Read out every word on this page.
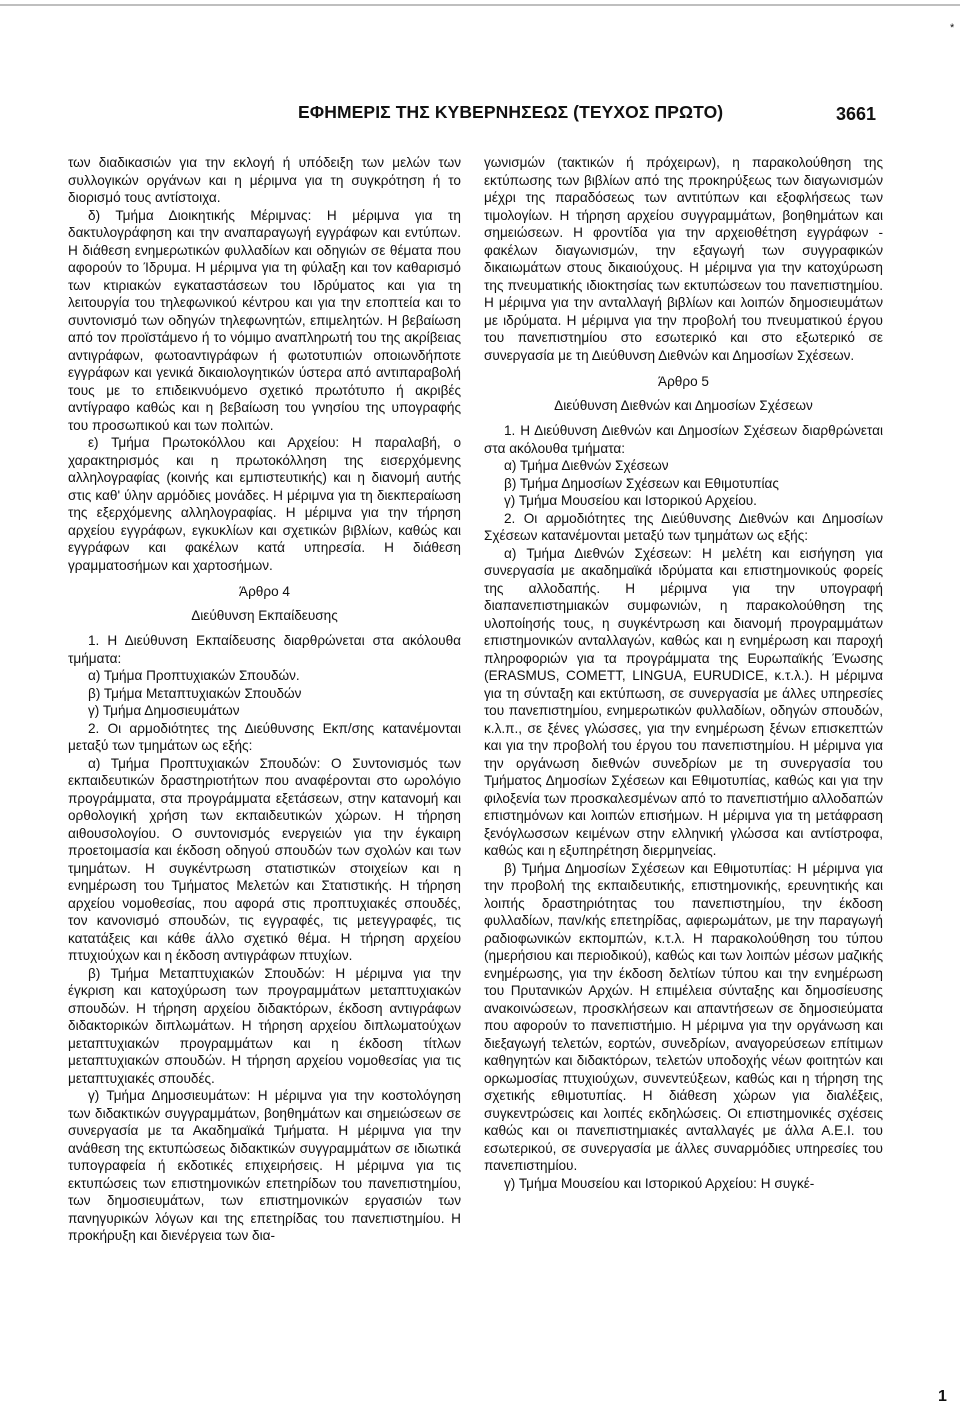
*
ΕΦΗΜΕΡΙΣ ΤΗΣ ΚΥΒΕΡΝΗΣΕΩΣ (ΤΕΥΧΟΣ ΠΡΩΤΟ)	3661

των διαδικασιών για την εκλογή ή υπόδειξη των μελών των συλλογικών οργάνων και η μέριμνα για τη συγκρότηση ή το διορισμό τους αντίστοιχα.

δ) Τμήμα Διοικητικής Μέριμνας: Η μέριμνα για τη δακτυλογράφηση και την αναπαραγωγή εγγράφων και εντύπων. Η διάθεση ενημερωτικών φυλλαδίων και οδηγιών σε θέματα που αφορούν το Ίδρυμα. Η μέριμνα για τη φύλαξη και τον καθαρισμό των κτιριακών εγκαταστάσεων του Ιδρύματος και για τη λειτουργία του τηλεφωνικού κέντρου και για την εποπτεία και το συντονισμό των οδηγών τηλεφωνητών, επιμελητών. Η βεβαίωση από τον προϊστάμενο ή το νόμιμο αναπληρωτή του της ακρίβειας αντιγράφων, φωτοαντιγράφων ή φωτοτυπιών οποιωνδήποτε εγγράφων και γενικά δικαιολογητικών ύστερα από αντιπαραβολή τους με το επιδεικνυόμενο σχετικό πρωτότυπο ή ακριβές αντίγραφο καθώς και η βεβαίωση του γνησίου της υπογραφής του προσωπικού και των πολιτών.

ε) Τμήμα Πρωτοκόλλου και Αρχείου: Η παραλαβή, ο χαρακτηρισμός και η πρωτοκόλληση της εισερχόμενης αλληλογραφίας (κοινής και εμπιστευτικής) και η διανομή αυτής στις καθ' ύλην αρμόδιες μονάδες. Η μέριμνα για τη διεκπεραίωση της εξερχόμενης αλληλογραφίας. Η μέριμνα για την τήρηση αρχείου εγγράφων, εγκυκλίων και σχετικών βιβλίων, καθώς και εγγράφων και φακέλων κατά υπηρεσία. Η διάθεση γραμματοσήμων και χαρτοσήμων.

Άρθρο 4

Διεύθυνση Εκπαίδευσης

1. Η Διεύθυνση Εκπαίδευσης διαρθρώνεται στα ακόλουθα τμήματα:

α) Τμήμα Προπτυχιακών Σπουδών.

β) Τμήμα Μεταπτυχιακών Σπουδών

γ) Τμήμα Δημοσιευμάτων

2. Οι αρμοδιότητες της Διεύθυνσης Εκπ/σης κατανέμονται μεταξύ των τμημάτων ως εξής:

α) Τμήμα Προπτυχιακών Σπουδών: Ο Συντονισμός των εκπαιδευτικών δραστηριοτήτων που αναφέρονται στο ωρολόγιο προγράμματα, στα προγράμματα εξετάσεων, στην κατανομή και ορθολογική χρήση των εκπαιδευτικών χώρων. Η τήρηση αιθουσολογίου. Ο συντονισμός ενεργειών για την έγκαιρη προετοιμασία και έκδοση οδηγού σπουδών των σχολών και των τμημάτων. Η συγκέντρωση στατιστικών στοιχείων και η ενημέρωση του Τμήματος Μελετών και Στατιστικής. Η τήρηση αρχείου νομοθεσίας, που αφορά στις προπτυχιακές σπουδές, τον κανονισμό σπουδών, τις εγγραφές, τις μετεγγραφές, τις κατατάξεις και κάθε άλλο σχετικό θέμα. Η τήρηση αρχείου πτυχιούχων και η έκδοση αντιγράφων πτυχίων.

β) Τμήμα Μεταπτυχιακών Σπουδών: Η μέριμνα για την έγκριση και κατοχύρωση των προγραμμάτων μεταπτυχιακών σπουδών. Η τήρηση αρχείου διδακτόρων, έκδοση αντιγράφων διδακτορικών διπλωμάτων. Η τήρηση αρχείου διπλωματούχων μεταπτυχιακών προγραμμάτων και η έκδοση τίτλων μεταπτυχιακών σπουδών. Η τήρηση αρχείου νομοθεσίας για τις μεταπτυχιακές σπουδές.

γ) Τμήμα Δημοσιευμάτων: Η μέριμνα για την κοστολόγηση των διδακτικών συγγραμμάτων, βοηθημάτων και σημειώσεων σε συνεργασία με τα Ακαδημαϊκά Τμήματα. Η μέριμνα για την ανάθεση της εκτυπώσεως διδακτικών συγγραμμάτων σε ιδιωτικά τυπογραφεία ή εκδοτικές επιχειρήσεις. Η μέριμνα για τις εκτυπώσεις των επιστημονικών επετηρίδων του πανεπιστημίου, των δημοσιευμάτων, των επιστημονικών εργασιών των πανηγυρικών λόγων και της επετηρίδας του πανεπιστημίου. Η προκήρυξη και διενέργεια των δια-

γωνισμών (τακτικών ή πρόχειρων), η παρακολούθηση της εκτύπωσης των βιβλίων από της προκηρύξεως των διαγωνισμών μέχρι της παραδόσεως των αντιτύπων και εξοφλήσεως των τιμολογίων. Η τήρηση αρχείου συγγραμμάτων, βοηθημάτων και σημειώσεων. Η φροντίδα για την αρχειοθέτηση εγγράφων - φακέλων διαγωνισμών, την εξαγωγή των συγγραφικών δικαιωμάτων στους δικαιούχους. Η μέριμνα για την κατοχύρωση της πνευματικής ιδιοκτησίας των εκτυπώσεων του πανεπιστημίου. Η μέριμνα για την ανταλλαγή βιβλίων και λοιπών δημοσιευμάτων με ιδρύματα. Η μέριμνα για την προβολή του πνευματικού έργου του πανεπιστημίου στο εσωτερικό και στο εξωτερικό σε συνεργασία με τη Διεύθυνση Διεθνών και Δημοσίων Σχέσεων.

Άρθρο 5

Διεύθυνση Διεθνών και Δημοσίων Σχέσεων

1. Η Διεύθυνση Διεθνών και Δημοσίων Σχέσεων διαρθρώνεται στα ακόλουθα τμήματα:

α) Τμήμα Διεθνών Σχέσεων

β) Τμήμα Δημοσίων Σχέσεων και Εθιμοτυπίας

γ) Τμήμα Μουσείου και Ιστορικού Αρχείου.

2. Οι αρμοδιότητες της Διεύθυνσης Διεθνών και Δημοσίων Σχέσεων κατανέμονται μεταξύ των τμημάτων ως εξής:

α) Τμήμα Διεθνών Σχέσεων: Η μελέτη και εισήγηση για συνεργασία με ακαδημαϊκά ιδρύματα και επιστημονικούς φορείς της αλλοδαπής. Η μέριμνα για την υπογραφή διαπανεπιστημιακών συμφωνιών, η παρακολούθηση της υλοποίησής τους, η συγκέντρωση και διανομή προγραμμάτων επιστημονικών ανταλλαγών, καθώς και η ενημέρωση και παροχή πληροφοριών για τα προγράμματα της Ευρωπαϊκής Ένωσης (ERASMUS, COMETT, LINGUA, EURUDICE, κ.τ.λ.). Η μέριμνα για τη σύνταξη και εκτύπωση, σε συνεργασία με άλλες υπηρεσίες του πανεπιστημίου, ενημερωτικών φυλλαδίων, οδηγών σπουδών, κ.λ.π., σε ξένες γλώσσες, για την ενημέρωση ξένων επισκεπτών και για την προβολή του έργου του πανεπιστημίου. Η μέριμνα για την οργάνωση διεθνών συνεδρίων με τη συνεργασία του Τμήματος Δημοσίων Σχέσεων και Εθιμοτυπίας, καθώς και για την φιλοξενία των προσκαλεσμένων από το πανεπιστήμιο αλλοδαπών επιστημόνων και λοιπών επισήμων. Η μέριμνα για τη μετάφραση ξενόγλωσσων κειμένων στην ελληνική γλώσσα και αντίστροφα, καθώς και η εξυπηρέτηση διερμηνείας.

β) Τμήμα Δημοσίων Σχέσεων και Εθιμοτυπίας: Η μέριμνα για την προβολή της εκπαιδευτικής, επιστημονικής, ερευνητικής και λοιπής δραστηριότητας του πανεπιστημίου, την έκδοση φυλλαδίων, παν/κής επετηρίδας, αφιερωμάτων, με την παραγωγή ραδιοφωνικών εκπομπών, κ.τ.λ. Η παρακολούθηση του τύπου (ημερήσιου και περιοδικού), καθώς και των λοιπών μέσων μαζικής ενημέρωσης, για την έκδοση δελτίων τύπου και την ενημέρωση του Πρυτανικών Αρχών. Η επιμέλεια σύνταξης και δημοσίευσης ανακοινώσεων, προσκλήσεων και απαντήσεων σε δημοσιεύματα που αφορούν το πανεπιστήμιο. Η μέριμνα για την οργάνωση και διεξαγωγή τελετών, εορτών, συνεδρίων, αναγορεύσεων επίτιμων καθηγητών και διδακτόρων, τελετών υποδοχής νέων φοιτητών και ορκωμοσίας πτυχιούχων, συνεντεύξεων, καθώς και η τήρηση της σχετικής εθιμοτυπίας. Η διάθεση χώρων για διαλέξεις, συγκεντρώσεις και λοιπές εκδηλώσεις. Οι επιστημονικές σχέσεις καθώς και οι πανεπιστημιακές ανταλλαγές με άλλα Α.Ε.Ι. του εσωτερικού, σε συνεργασία με άλλες συναρμόδιες υπηρεσίες του πανεπιστημίου.

γ) Τμήμα Μουσείου και Ιστορικού Αρχείου: Η συγκέ-

1
